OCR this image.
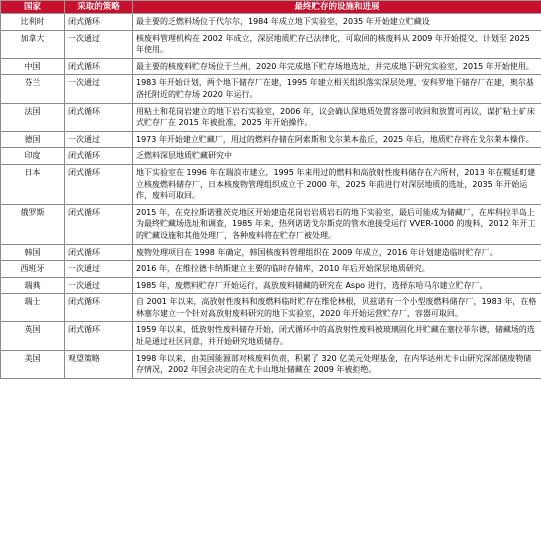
国家	采取的策略	最终贮存的设施和进展
比利时	闭式循环	最主要的乏燃料场位于代尔尔，1984 年成立地下实验室，2035 年开始建立贮藏设
加拿大	一次通过	核废料管理机构在 2002 年成立，深层地质贮存已法律化，可取回的核废料从 2009 年开始提交，计划至 2025 年使用。
中国	闭式循环	最主要的核废料贮存场位于兰州，2020 年完成地下贮存场地选址，并完成地下研究实验室，2015 年开始使用。
芬兰	一次通过	1983 年开始计划，两个地下储存厂在建，1995 年建立相关组织落实深层处理，安科罗地下储存厂在建，奥尔基洛托附近的贮存场 2020 年运行。
法国	闭式循环	用粘土和花岗岩建立的地下岩石实验室，2006 年，议会确认深地质处置容器可收回和放置可再议，谋扩粘土矿床式贮存厂在 2015 年被批准，2025 年开始操作。
德国	一次通过	1973 年开始建立贮藏厂，用过的燃料存储在阿索斯和戈尔莱本盐丘，2025 年后，地质贮存将在戈尔莱本操作。
印度	闭式循环	乏燃料深层地质贮藏研究中
日本	闭式循环	地下实验室在 1996 年在瑞浪市建立，1995 年来用过的燃料和高放射性废料储存在六所村，2013 年在幌延町建立核废燃料储存厂，日本核废物管理组织成立于 2000 年，2025 年前进行对深层地质的选址，2035 年开始运作，废料可取回。
俄罗斯	闭式循环	2015 年，在克拉斯诺雅茨克地区开始建造花岗岩岩质岩石的地下实验室，最后可能成为储藏厂，在库科拉半岛上为最终贮藏场选址和调查，1985 年来，热列诺诺戈尔斯克的管水池接受运行 VVER-1000 的废料，2012 年开工的贮藏设施和其他处理厂，各种废料将在贮存厂被处理。
韩国	闭式循环	废物处理项目在 1998 年确定，韩国核废料管理组织在 2009 年成立，2016 年计划建造临时贮存厂。
西班牙	一次通过	2016 年，在维拉德卡纳斯建立主要的临时存储库，2010 年后开始深层地质研究。
瑞典	一次通过	1985 年，废燃料贮存厂开始运行，高放废料储藏的研究在 Aspo 进行，选择东哈马尔建立贮存厂。
瑞士	闭式循环	自 2001 年以来，高放射性废料和废燃料临时贮存在维伦林根，贝兹诺有一个小型废燃料储存厂，1983 年，在格林塞尔建立一个针对高放射废料研究的地下实验室，2020 年开始运营贮存厂，容器可取回。
英国	闭式循环	1959 年以来，低放射性废料储存开始，闭式循环中的高放射性废料被玻璃固化并贮藏在塞拉菲尔德，储藏场的选址是通过社区同意，并开始研究地质储存。
美国	观望策略	1998 年以来，由美国能源部对核废料负责，积累了 320 亿美元处理基金，在内华达州尤卡山研究深部储废物储存情况，2002 年国会决定的在尤卡山地址储藏在 2009 年被拒绝。
